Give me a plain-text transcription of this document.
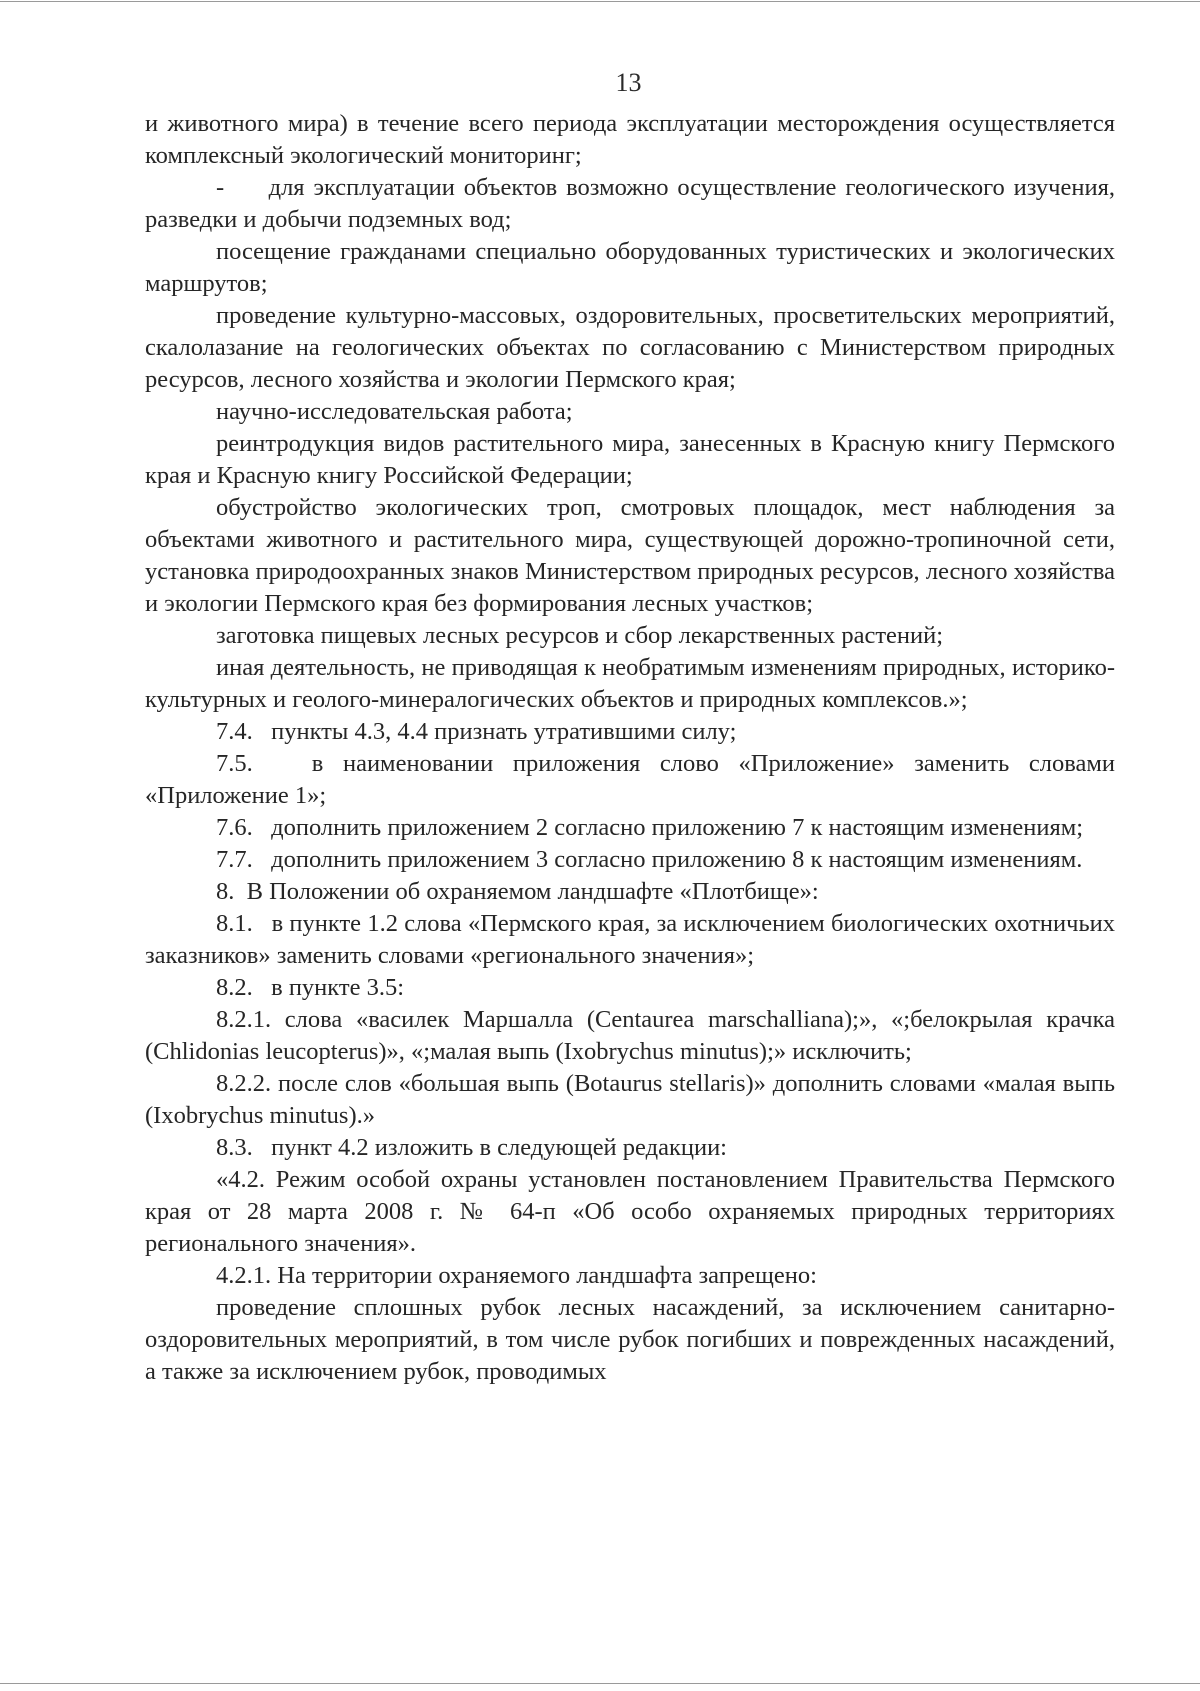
13

и животного мира) в течение всего периода эксплуатации месторождения осуществляется комплексный экологический мониторинг;

-     для эксплуатации объектов возможно осуществление геологического изучения, разведки и добычи подземных вод;

посещение гражданами специально оборудованных туристических и экологических маршрутов;

проведение культурно-массовых, оздоровительных, просветительских мероприятий, скалолазание на геологических объектах по согласованию с Министерством природных ресурсов, лесного хозяйства и экологии Пермского края;

научно-исследовательская работа;

реинтродукция видов растительного мира, занесенных в Красную книгу Пермского края и Красную книгу Российской Федерации;

обустройство экологических троп, смотровых площадок, мест наблюдения за объектами животного и растительного мира, существующей дорожно-тропиночной сети, установка природоохранных знаков Министерством природных ресурсов, лесного хозяйства и экологии Пермского края без формирования лесных участков;

заготовка пищевых лесных ресурсов и сбор лекарственных растений;

иная деятельность, не приводящая к необратимым изменениям природных, историко-культурных и геолого-минералогических объектов и природных комплексов.»;

7.4.   пункты 4.3, 4.4 признать утратившими силу;

7.5.   в наименовании приложения слово «Приложение» заменить словами «Приложение 1»;

7.6.   дополнить приложением 2 согласно приложению 7 к настоящим изменениям;

7.7.   дополнить приложением 3 согласно приложению 8 к настоящим изменениям.

8.  В Положении об охраняемом ландшафте «Плотбище»:

8.1.   в пункте 1.2 слова «Пермского края, за исключением биологических охотничьих заказников» заменить словами «регионального значения»;

8.2.   в пункте 3.5:

8.2.1. слова «василек Маршалла (Centaurea marschalliana);», «;белокрылая крачка (Chlidonias leucopterus)», «;малая выпь (Ixobrychus minutus);» исключить;

8.2.2. после слов «большая выпь (Botaurus stellaris)» дополнить словами «малая выпь (Ixobrychus minutus).»

8.3.   пункт 4.2 изложить в следующей редакции:

«4.2. Режим особой охраны установлен постановлением Правительства Пермского края от 28 марта 2008 г. № 64-п «Об особо охраняемых природных территориях регионального значения».

4.2.1. На территории охраняемого ландшафта запрещено:

проведение сплошных рубок лесных насаждений, за исключением санитарно-оздоровительных мероприятий, в том числе рубок погибших и поврежденных насаждений, а также за исключением рубок, проводимых
